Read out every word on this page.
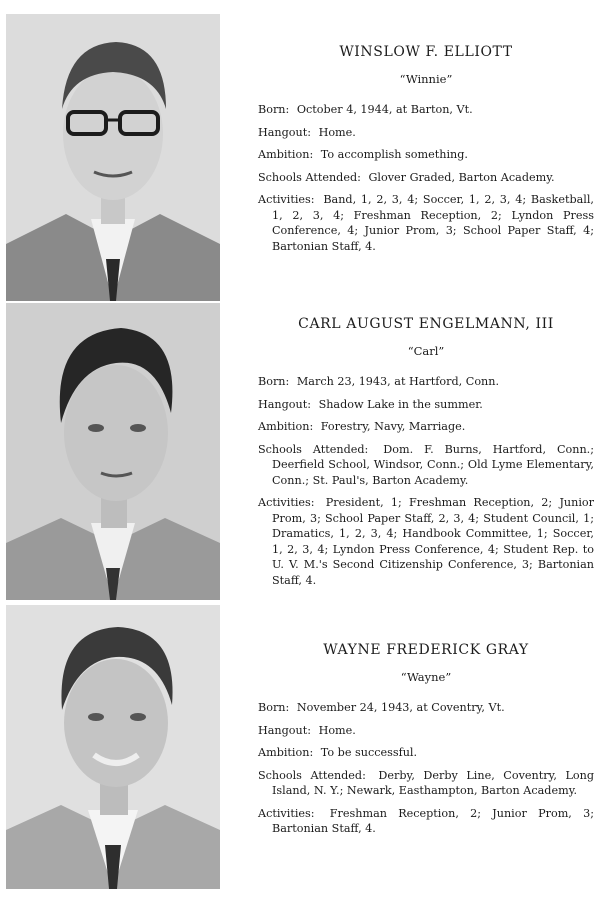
WINSLOW F. ELLIOTT
“Winnie”

Born: October 4, 1944, at Barton, Vt.

Hangout: Home.

Ambition: To accomplish something.

Schools Attended: Glover Graded, Barton Academy.

Activities: Band, 1, 2, 3, 4; Soccer, 1, 2, 3, 4; Basketball, 1, 2, 3, 4; Freshman Reception, 2; Lyndon Press Conference, 4; Junior Prom, 3; School Paper Staff, 4; Bartonian Staff, 4.

CARL AUGUST ENGELMANN, III
“Carl”

Born: March 23, 1943, at Hartford, Conn.

Hangout: Shadow Lake in the summer.

Ambition: Forestry, Navy, Marriage.

Schools Attended: Dom. F. Burns, Hartford, Conn.; Deerfield School, Windsor, Conn.; Old Lyme Elementary, Conn.; St. Paul's, Barton Academy.

Activities: President, 1; Freshman Reception, 2; Junior Prom, 3; School Paper Staff, 2, 3, 4; Student Council, 1; Dramatics, 1, 2, 3, 4; Handbook Committee, 1; Soccer, 1, 2, 3, 4; Lyndon Press Conference, 4; Student Rep. to U. V. M.'s Second Citizenship Conference, 3; Bartonian Staff, 4.

WAYNE FREDERICK GRAY
“Wayne”

Born: November 24, 1943, at Coventry, Vt.

Hangout: Home.

Ambition: To be successful.

Schools Attended: Derby, Derby Line, Coventry, Long Island, N. Y.; Newark, Easthampton, Barton Academy.

Activities: Freshman Reception, 2; Junior Prom, 3; Bartonian Staff, 4.
